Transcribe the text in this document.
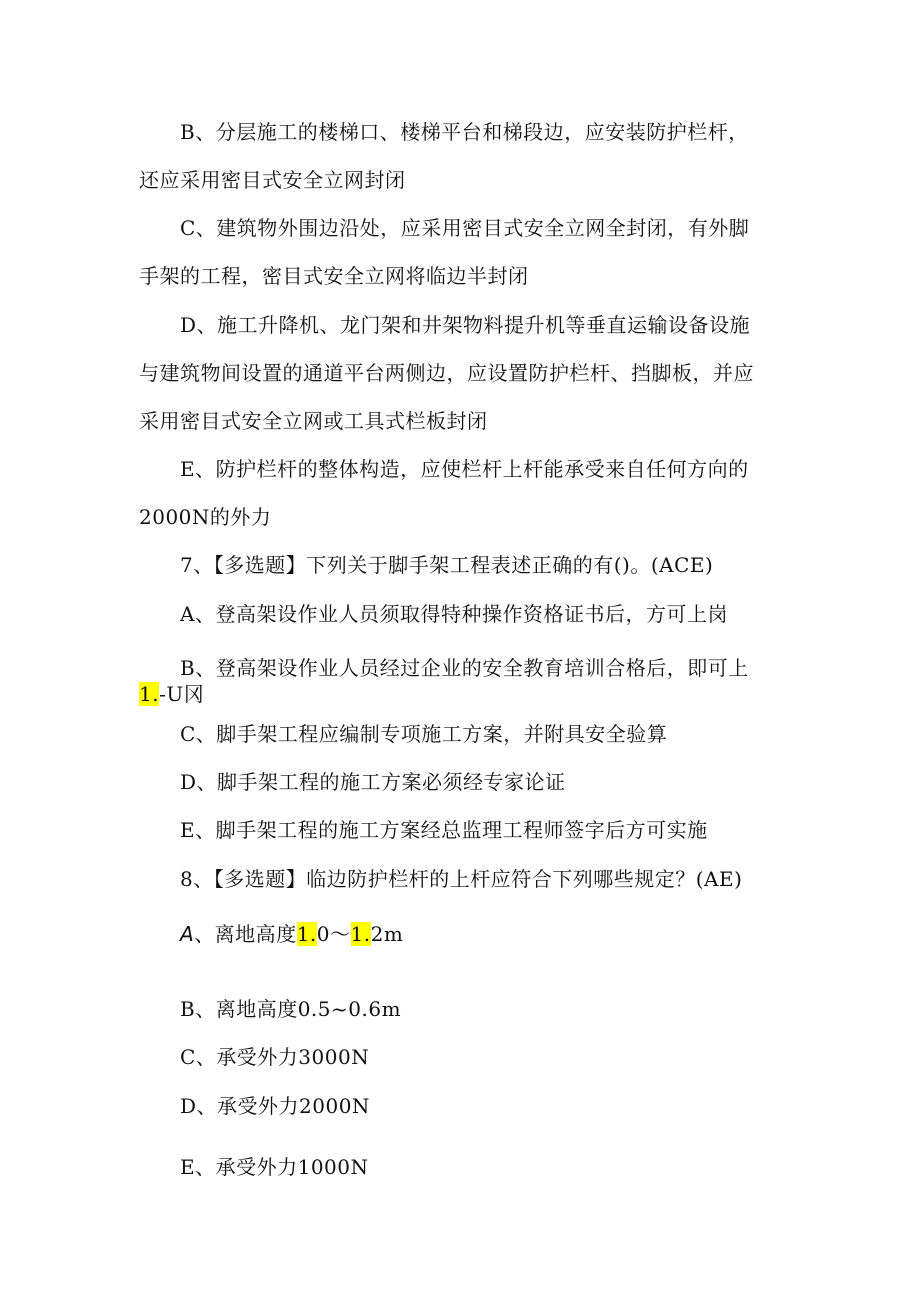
B、分层施工的楼梯口、楼梯平台和梯段边，应安装防护栏杆，
还应采用密目式安全立网封闭
C、建筑物外围边沿处，应采用密目式安全立网全封闭，有外脚
手架的工程，密目式安全立网将临边半封闭
D、施工升降机、龙门架和井架物料提升机等垂直运输设备设施
与建筑物间设置的通道平台两侧边，应设置防护栏杆、挡脚板，并应
采用密目式安全立网或工具式栏板封闭
E、防护栏杆的整体构造，应使栏杆上杆能承受来自任何方向的
2000N的外力
7、【多选题】下列关于脚手架工程表述正确的有()。(ACE)
A、登高架设作业人员须取得特种操作资格证书后，方可上岗
B、登高架设作业人员经过企业的安全教育培训合格后，即可上
1.-U冈
C、脚手架工程应编制专项施工方案，并附具安全验算
D、脚手架工程的施工方案必须经专家论证
E、脚手架工程的施工方案经总监理工程师签字后方可实施
8、【多选题】临边防护栏杆的上杆应符合下列哪些规定？(AE)
A、离地高度1.0～1.2m
B、离地高度0.5~0.6m
C、承受外力3000N
D、承受外力2000N
E、承受外力1000N
